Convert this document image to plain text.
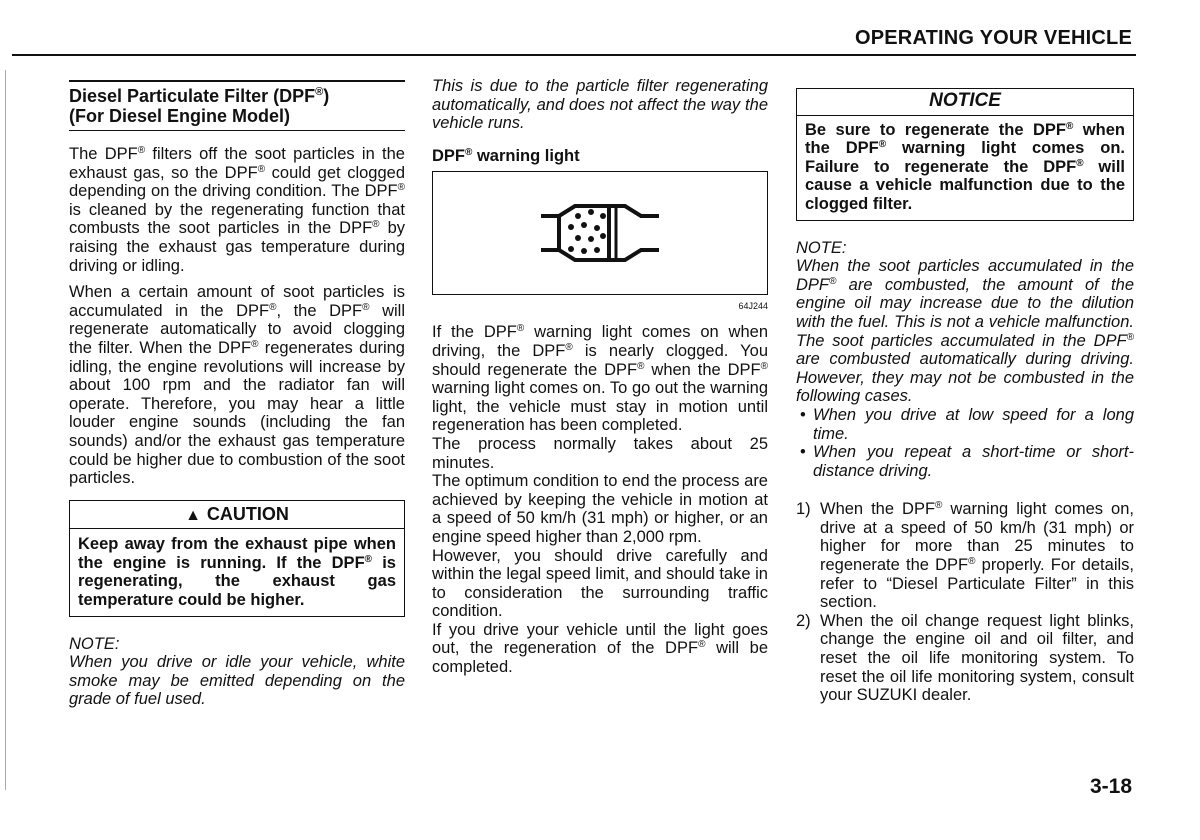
OPERATING YOUR VEHICLE
Diesel Particulate Filter (DPF®)
(For Diesel Engine Model)

The DPF® filters off the soot particles in the exhaust gas, so the DPF® could get clogged depending on the driving condition. The DPF® is cleaned by the regenerating function that combusts the soot particles in the DPF® by raising the exhaust gas temperature during driving or idling.

When a certain amount of soot particles is accumulated in the DPF®, the DPF® will regenerate automatically to avoid clogging the filter. When the DPF® regenerates during idling, the engine revolutions will increase by about 100 rpm and the radiator fan will operate. Therefore, you may hear a little louder engine sounds (including the fan sounds) and/or the exhaust gas temperature could be higher due to combustion of the soot particles.

▲ CAUTION
Keep away from the exhaust pipe when the engine is running. If the DPF® is regenerating, the exhaust gas temperature could be higher.
NOTE:

When you drive or idle your vehicle, white smoke may be emitted depending on the grade of fuel used.

This is due to the particle filter regenerating automatically, and does not affect the way the vehicle runs.

DPF® warning light
64J244

If the DPF® warning light comes on when driving, the DPF® is nearly clogged. You should regenerate the DPF® when the DPF® warning light comes on. To go out the warning light, the vehicle must stay in motion until regeneration has been completed.

The process normally takes about 25 minutes.

The optimum condition to end the process are achieved by keeping the vehicle in motion at a speed of 50 km/h (31 mph) or higher, or an engine speed higher than 2,000 rpm.

However, you should drive carefully and within the legal speed limit, and should take in to consideration the surrounding traffic condition.

If you drive your vehicle until the light goes out, the regeneration of the DPF® will be completed.

NOTICE
Be sure to regenerate the DPF® when the DPF® warning light comes on. Failure to regenerate the DPF® will cause a vehicle malfunction due to the clogged filter.
NOTE:

When the soot particles accumulated in the DPF® are combusted, the amount of the engine oil may increase due to the dilution with the fuel. This is not a vehicle malfunction. The soot particles accumulated in the DPF® are combusted automatically during driving. However, they may not be combusted in the following cases.

• When you drive at low speed for a long time.
• When you repeat a short-time or short-distance driving.
1) When the DPF® warning light comes on, drive at a speed of 50 km/h (31 mph) or higher for more than 25 minutes to regenerate the DPF® properly. For details, refer to “Diesel Particulate Filter” in this section.
2) When the oil change request light blinks, change the engine oil and oil filter, and reset the oil life monitoring system. To reset the oil life monitoring system, consult your SUZUKI dealer.
3-18
